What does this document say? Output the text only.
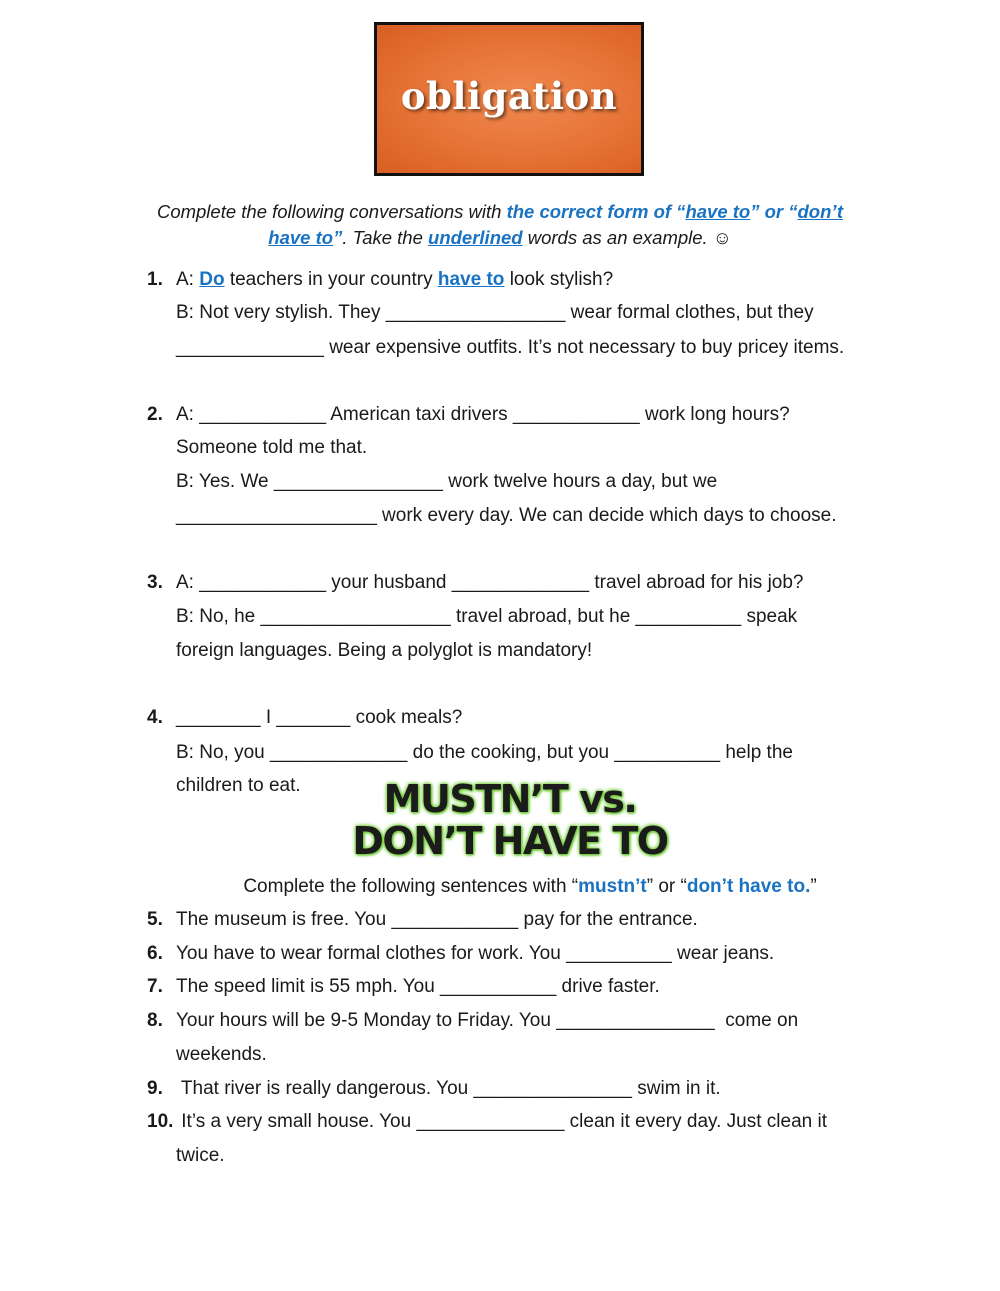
obligation
Complete the following conversations with the correct form of “have to” or “don’t
have to”. Take the underlined words as an example. ☺
1. A: Do teachers in your country have to look stylish?
B: Not very stylish. They _________________ wear formal clothes, but they
______________ wear expensive outfits. It’s not necessary to buy pricey items.
2. A: ____________ American taxi drivers ____________ work long hours?
Someone told me that.
B: Yes. We ________________ work twelve hours a day, but we
___________________ work every day. We can decide which days to choose.
3. A: ____________ your husband _____________ travel abroad for his job?
B: No, he __________________ travel abroad, but he __________ speak
foreign languages. Being a polyglot is mandatory!
4. ________ I _______ cook meals?
B: No, you _____________ do the cooking, but you __________ help the
children to eat.	MUSTN’T vs.
DON’T HAVE TO
Complete the following sentences with “mustn’t” or “don’t have to.”
5. The museum is free. You ____________ pay for the entrance.
6. You have to wear formal clothes for work. You __________ wear jeans.
7. The speed limit is 55 mph. You ___________ drive faster.
8. Your hours will be 9-5 Monday to Friday. You _______________  come on
weekends.
9. That river is really dangerous. You _______________ swim in it.
10. It’s a very small house. You ______________ clean it every day. Just clean it
twice.
